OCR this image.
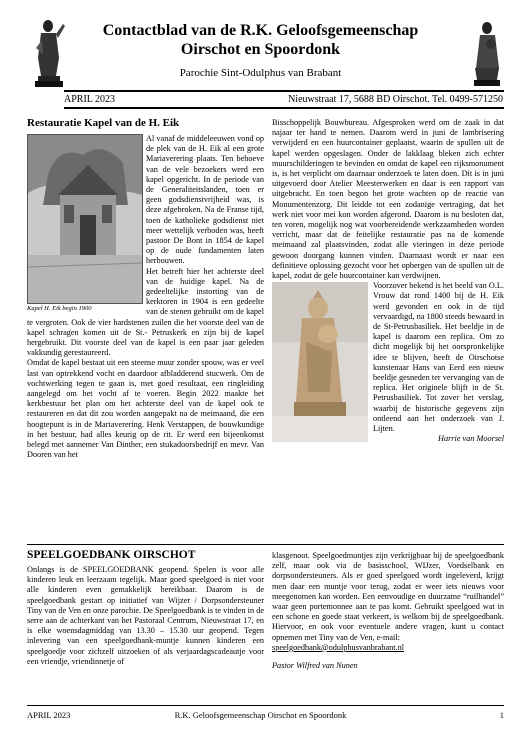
Contactblad van de R.K. Geloofsgemeenschap
Oirschot en Spoordonk
Parochie Sint-Odulphus van Brabant
APRIL 2023	Nieuwstraat 17, 5688 BD Oirschot. Tel. 0499-571250
Restauratie Kapel van de H. Eik
Kapel H. Eik begin 1900

Al vanaf de middeleeuwen vond op de plek van de H. Eik al een grote Mariaverering plaats. Ten behoeve van de vele bezoekers werd een kapel opgericht. In de periode van de Generaliteitslanden, toen er geen godsdienstvrijheid was, is deze afgebroken. Na de Franse tijd, toen de katholieke godsdienst niet meer wettelijk verboden was, heeft pastoor De Bont in 1854 de kapel op de oude fundamenten laten herbouwen.

Het betreft hier het achterste deel van de huidige kapel. Na de gedeeltelijke instorting van de kerktoren in 1904 is een gedeelte van de stenen gebruikt om de kapel te vergroten. Ook de vier hardstenen zuilen die het voorste deel van de kapel schragen komen uit de St.- Petruskerk en zijn bij de kapel hergebruikt. Dit voorste deel van de kapel is een paar jaar geleden vakkundig gerestaureerd.

Omdat de kapel bestaat uit een steense muur zonder spouw, was er veel last van optrekkend vocht en daardoor afbladderend stucwerk. Om de vochtwerking tegen te gaan is, met goed resultaat, een ringleiding aangelegd om het vocht af te voeren. Begin 2022 maakte het kerkbestuur het plan om het achterste deel van de kapel ook te restaureren en dat dit zou worden aangepakt na de meimaand, die een hoogtepunt is in de Mariaverering. Henk Verstappen, de bouwkundige in het bestuur, had alles keurig op de rit. Er werd een bijeenkomst belegd met aannemer Van Dinther, een stukadoorsbedrijf en mevr. Van Dooren van het

Bisschoppelijk Bouwbureau. Afgesproken werd om de zaak in dat najaar ter hand te nemen. Daarom werd in juni de lambrisering verwijderd en een huurcontainer geplaatst, waarin de spullen uit de kapel werden opgeslagen. Onder de lakklaag bleken zich echter muurschilderingen te bevinden en omdat de kapel een rijksmonument is, is het verplicht om daarnaar onderzoek te laten doen. Dit is in juni uitgevoerd door Atelier Meesterwerken en daar is een rapport van uitgebracht. En toen begon het grote wachten op de reactie van Monumentenzorg. Dit leidde tot een zodanige vertraging, dat het werk niet voor mei kon worden afgerond. Daarom is nu besloten dat, ten voren, mogelijk nog wat voorbereidende werkzaamheden worden verricht, maar dat de feitelijke restauratie pas na de komende meimaand zal plaatsvinden, zodat alle vieringen in deze periode gewoon doorgang kunnen vinden. Daarnaast wordt er naar een definitieve oplossing gezocht voor het opbergen van de spullen uit de kapel, zodat de gele huurcontainer kan verdwijnen.

Voorzover bekend is het beeld van O.L. Vrouw dat rond 1400 bij de H. Eik werd gevonden en ook in de tijd vervaardigd, na 1800 steeds bewaard in de St-Petrusbasiliek. Het beeldje in de kapel is daarom een replica. Om zo dicht mogelijk bij het oorspronkelijke idee te blijven, heeft de Oirschotse kunstenaar Hans van Eerd een nieuw beeldje gesneden ter vervanging van de replica. Het originele blijft in de St. Petrusbasiliek. Tot zover het verslag, waarbij de historische gegevens zijn ontleend aan het onderzoek van J. Lijten.

Harrie van Moorsel
SPEELGOEDBANK OIRSCHOT

Onlangs is de SPEELGOEDBANK geopend. Spelen is voor alle kinderen leuk en leerzaam tegelijk. Maar goed speelgoed is niet voor alle kinderen even gemakkelijk bereikbaar. Daarom is de speelgoedbank gestart op initiatief van Wijzer / Dorpsondersteuner Tiny van de Ven en onze parochie. De Speelgoedbank is te vinden in de serre aan de achterkant van het Pastoraal Centrum, Nieuwstraat 17, en is elke woensdagmiddag van 13.30 – 15.30 uur geopend. Tegen inlevering van een speelgoedbank-muntje kunnen kinderen een speelgoedje voor zichzelf uitzoeken of als verjaardagscadeautje voor een vriendje, vriendinnetje of

klasgenoot. Speelgoedmuntjes zijn verkrijgbaar bij de speelgoedbank zelf, maar ook via de basisschool, WIJzer, Voedselbank en dorpsondersteuners. Als er goed speelgoed wordt ingeleverd, krijgt men daar een muntje voor terug, zodat er weer iets nieuws voor meegenomen kan worden. Een eenvoudige en duurzame “ruilhandel” waar geen portemonnee aan te pas komt. Gebruikt speelgoed wat in een schone en goede staat verkeert, is welkom bij de speelgoedbank. Hiervoor, en ook voor eventuele andere vragen, kunt u contact opnemen met Tiny van de Ven, e-mail:

speelgoedbank@odulphusvanbrabant.nl
Pastor Wilfred van Nunen
APRIL 2023	R.K. Geloofsgemeenschap Oirschot en Spoordonk	1
